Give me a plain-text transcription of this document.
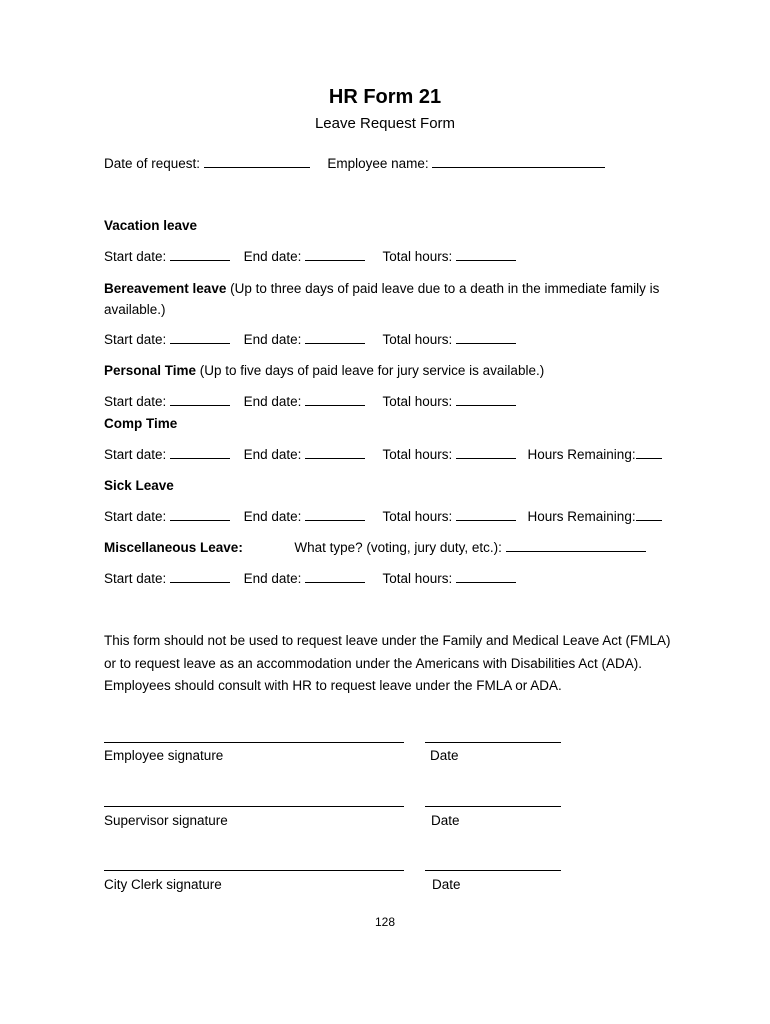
HR Form 21
Leave Request Form
Date of request:	Employee name:
Vacation leave
Start date:	End date:	Total hours:
Bereavement leave (Up to three days of paid leave due to a death in the immediate family is available.)
Start date:	End date:	Total hours:
Personal Time (Up to five days of paid leave for jury service is available.)
Start date:	End date:	Total hours:
Comp Time
Start date:	End date:	Total hours:	Hours Remaining:
Sick Leave
Start date:	End date:	Total hours:	Hours Remaining:
Miscellaneous Leave:	What type? (voting, jury duty, etc.):
Start date:	End date:	Total hours:
This form should not be used to request leave under the Family and Medical Leave Act (FMLA)
or to request leave as an accommodation under the Americans with Disabilities Act (ADA).
Employees should consult with HR to request leave under the FMLA or ADA.
Employee signature	Date
Supervisor signature	Date
City Clerk signature	Date
128
